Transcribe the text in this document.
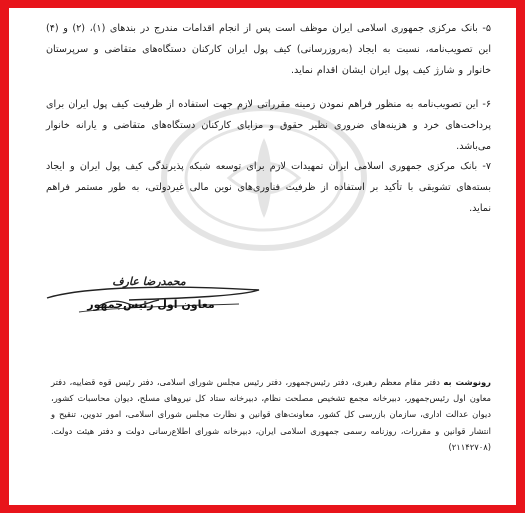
۵- بانک مرکزی جمهوری اسلامی ایران موظف است پس از انجام اقدامات مندرج در بندهای (۱)، (۲) و (۴) این تصویب‌نامه، نسبت به ایجاد (به‌روزرسانی) کیف پول ایران کارکنان دستگاه‌های متقاضی و سرپرستان خانوار و شارژ کیف پول ایران ایشان اقدام نماید.
۶- این تصویب‌نامه به منظور فراهم نمودن زمینه مقرراتی لازم جهت استفاده از ظرفیت کیف پول ایران برای پرداخت‌های خرد و هزینه‌های ضروری نظیر حقوق و مزایای کارکنان دستگاه‌های متقاضی و یارانه خانوار می‌باشد.
۷- بانک مرکزی جمهوری اسلامی ایران تمهیدات لازم برای توسعه شبکه پذیرندگی کیف پول ایران و ایجاد بسته‌های تشویقی با تأکید بر استفاده از ظرفیت فناوری‌های نوین مالی غیردولتی، به طور مستمر فراهم نماید.
محمدرضا عارف
معاون اول رئیس‌جمهور
رونوشت به دفتر مقام معظم رهبری، دفتر رئیس‌جمهور، دفتر رئیس مجلس شورای اسلامی، دفتر رئیس قوه قضاییه، دفتر معاون اول رئیس‌جمهور، دبیرخانه مجمع تشخیص مصلحت نظام، دبیرخانه ستاد کل نیروهای مسلح، دیوان محاسبات کشور، دیوان عدالت اداری، سازمان بازرسی کل کشور، معاونت‌های قوانین و نظارت مجلس شورای اسلامی، امور تدوین، تنقیح و انتشار قوانین و مقررات، روزنامه رسمی جمهوری اسلامی ایران، دبیرخانه شورای اطلاع‌رسانی دولت و دفتر هیئت دولت.(۲۱۱۴۲۷۰۸)
